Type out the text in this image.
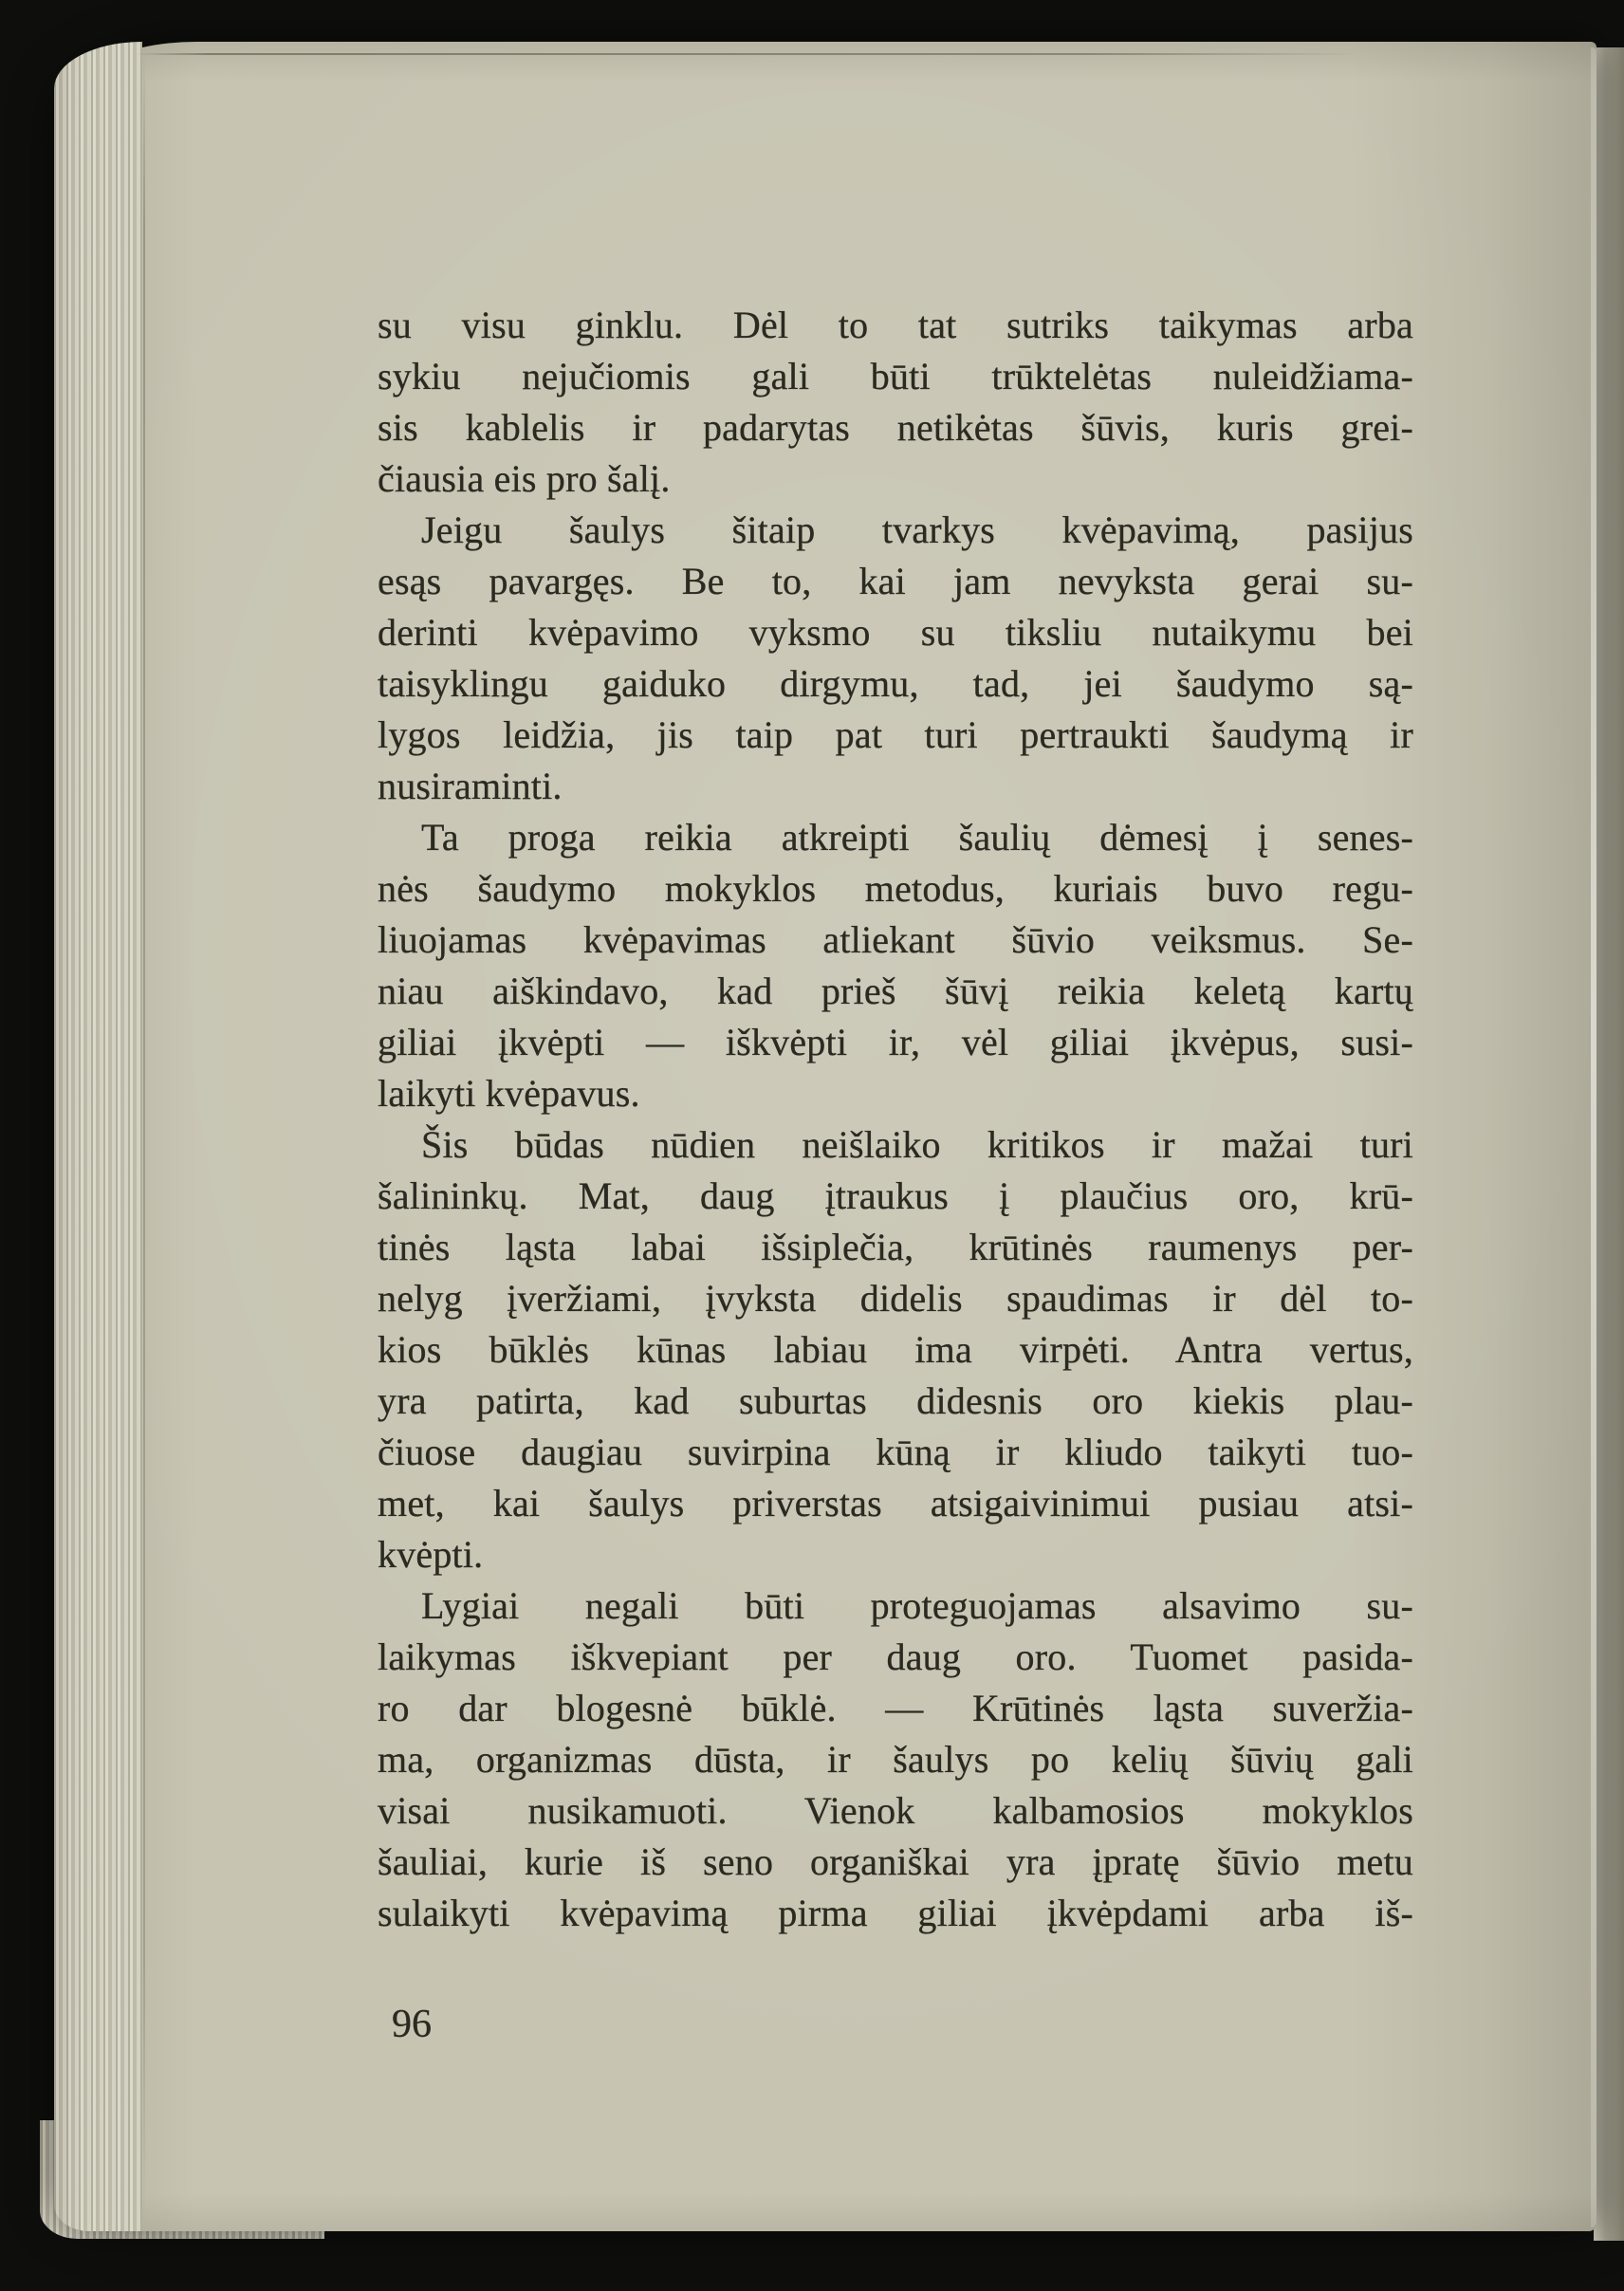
su visu ginklu. Dėl to tat sutriks taikymas arba
sykiu nejučiomis gali būti trūktelėtas nuleidžiama-
sis kablelis ir padarytas netikėtas šūvis, kuris grei-
čiausia eis pro šalį.
Jeigu šaulys šitaip tvarkys kvėpavimą, pasijus
esąs pavargęs. Be to, kai jam nevyksta gerai su-
derinti kvėpavimo vyksmo su tiksliu nutaikymu bei
taisyklingu gaiduko dirgymu, tad, jei šaudymo są-
lygos leidžia, jis taip pat turi pertraukti šaudymą ir
nusiraminti.
Ta proga reikia atkreipti šaulių dėmesį į senes-
nės šaudymo mokyklos metodus, kuriais buvo regu-
liuojamas kvėpavimas atliekant šūvio veiksmus. Se-
niau aiškindavo, kad prieš šūvį reikia keletą kartų
giliai įkvėpti — iškvėpti ir, vėl giliai įkvėpus, susi-
laikyti kvėpavus.
Šis būdas nūdien neišlaiko kritikos ir mažai turi
šalininkų. Mat, daug įtraukus į plaučius oro, krū-
tinės ląsta labai išsiplečia, krūtinės raumenys per-
nelyg įveržiami, įvyksta didelis spaudimas ir dėl to-
kios būklės kūnas labiau ima virpėti. Antra vertus,
yra patirta, kad suburtas didesnis oro kiekis plau-
čiuose daugiau suvirpina kūną ir kliudo taikyti tuo-
met, kai šaulys priverstas atsigaivinimui pusiau atsi-
kvėpti.
Lygiai negali būti proteguojamas alsavimo su-
laikymas iškvepiant per daug oro. Tuomet pasida-
ro dar blogesnė būklė. — Krūtinės ląsta suveržia-
ma, organizmas dūsta, ir šaulys po kelių šūvių gali
visai nusikamuoti. Vienok kalbamosios mokyklos
šauliai, kurie iš seno organiškai yra įpratę šūvio metu
sulaikyti kvėpavimą pirma giliai įkvėpdami arba iš-
96
